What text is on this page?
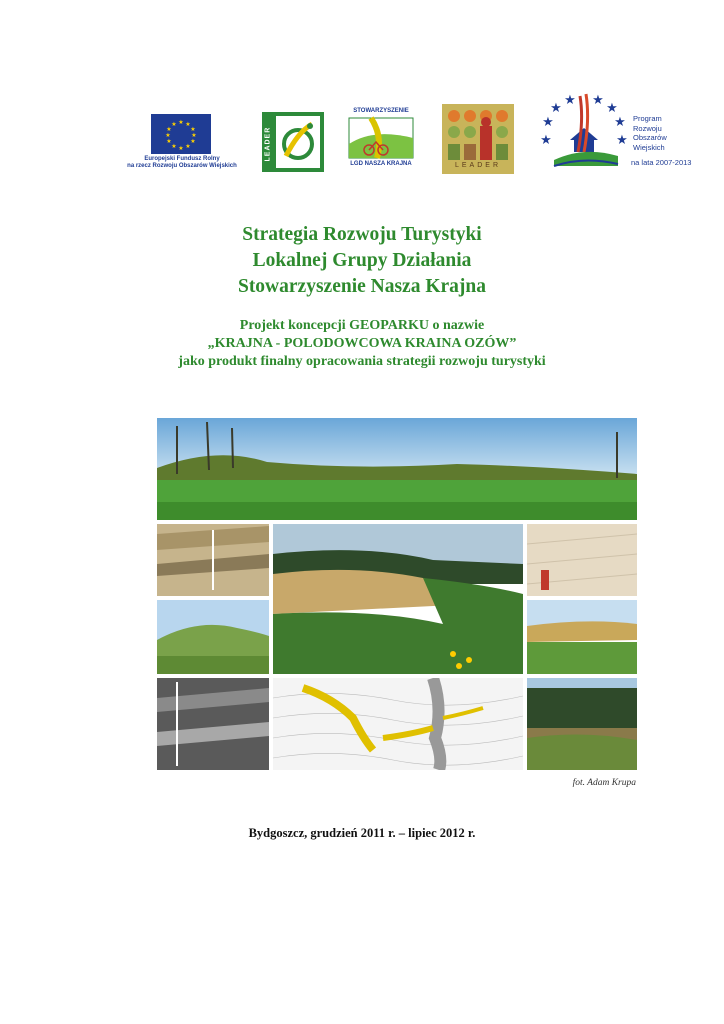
★ ★
★
★
★
★
★
★
★
★
★
★
Europejski Fundusz Rolny
na rzecz Rozwoju Obszarów Wiejskich
LEADER
STOWARZYSZENIE
LGD NASZA KRAJNA	LEADER
★
★
★ ★
★
★
★	★
Program
Rozwoju
Obszarów
Wiejskich
na lata 2007-2013
Strategia Rozwoju Turystyki
Lokalnej Grupy Działania
Stowarzyszenie Nasza Krajna
Projekt koncepcji GEOPARKU o nazwie
„KRAJNA - POLODOWCOWA KRAINA OZÓW”
jako produkt finalny opracowania strategii rozwoju turystyki
fot. Adam Krupa
Bydgoszcz, grudzień 2011 r. – lipiec 2012 r.
